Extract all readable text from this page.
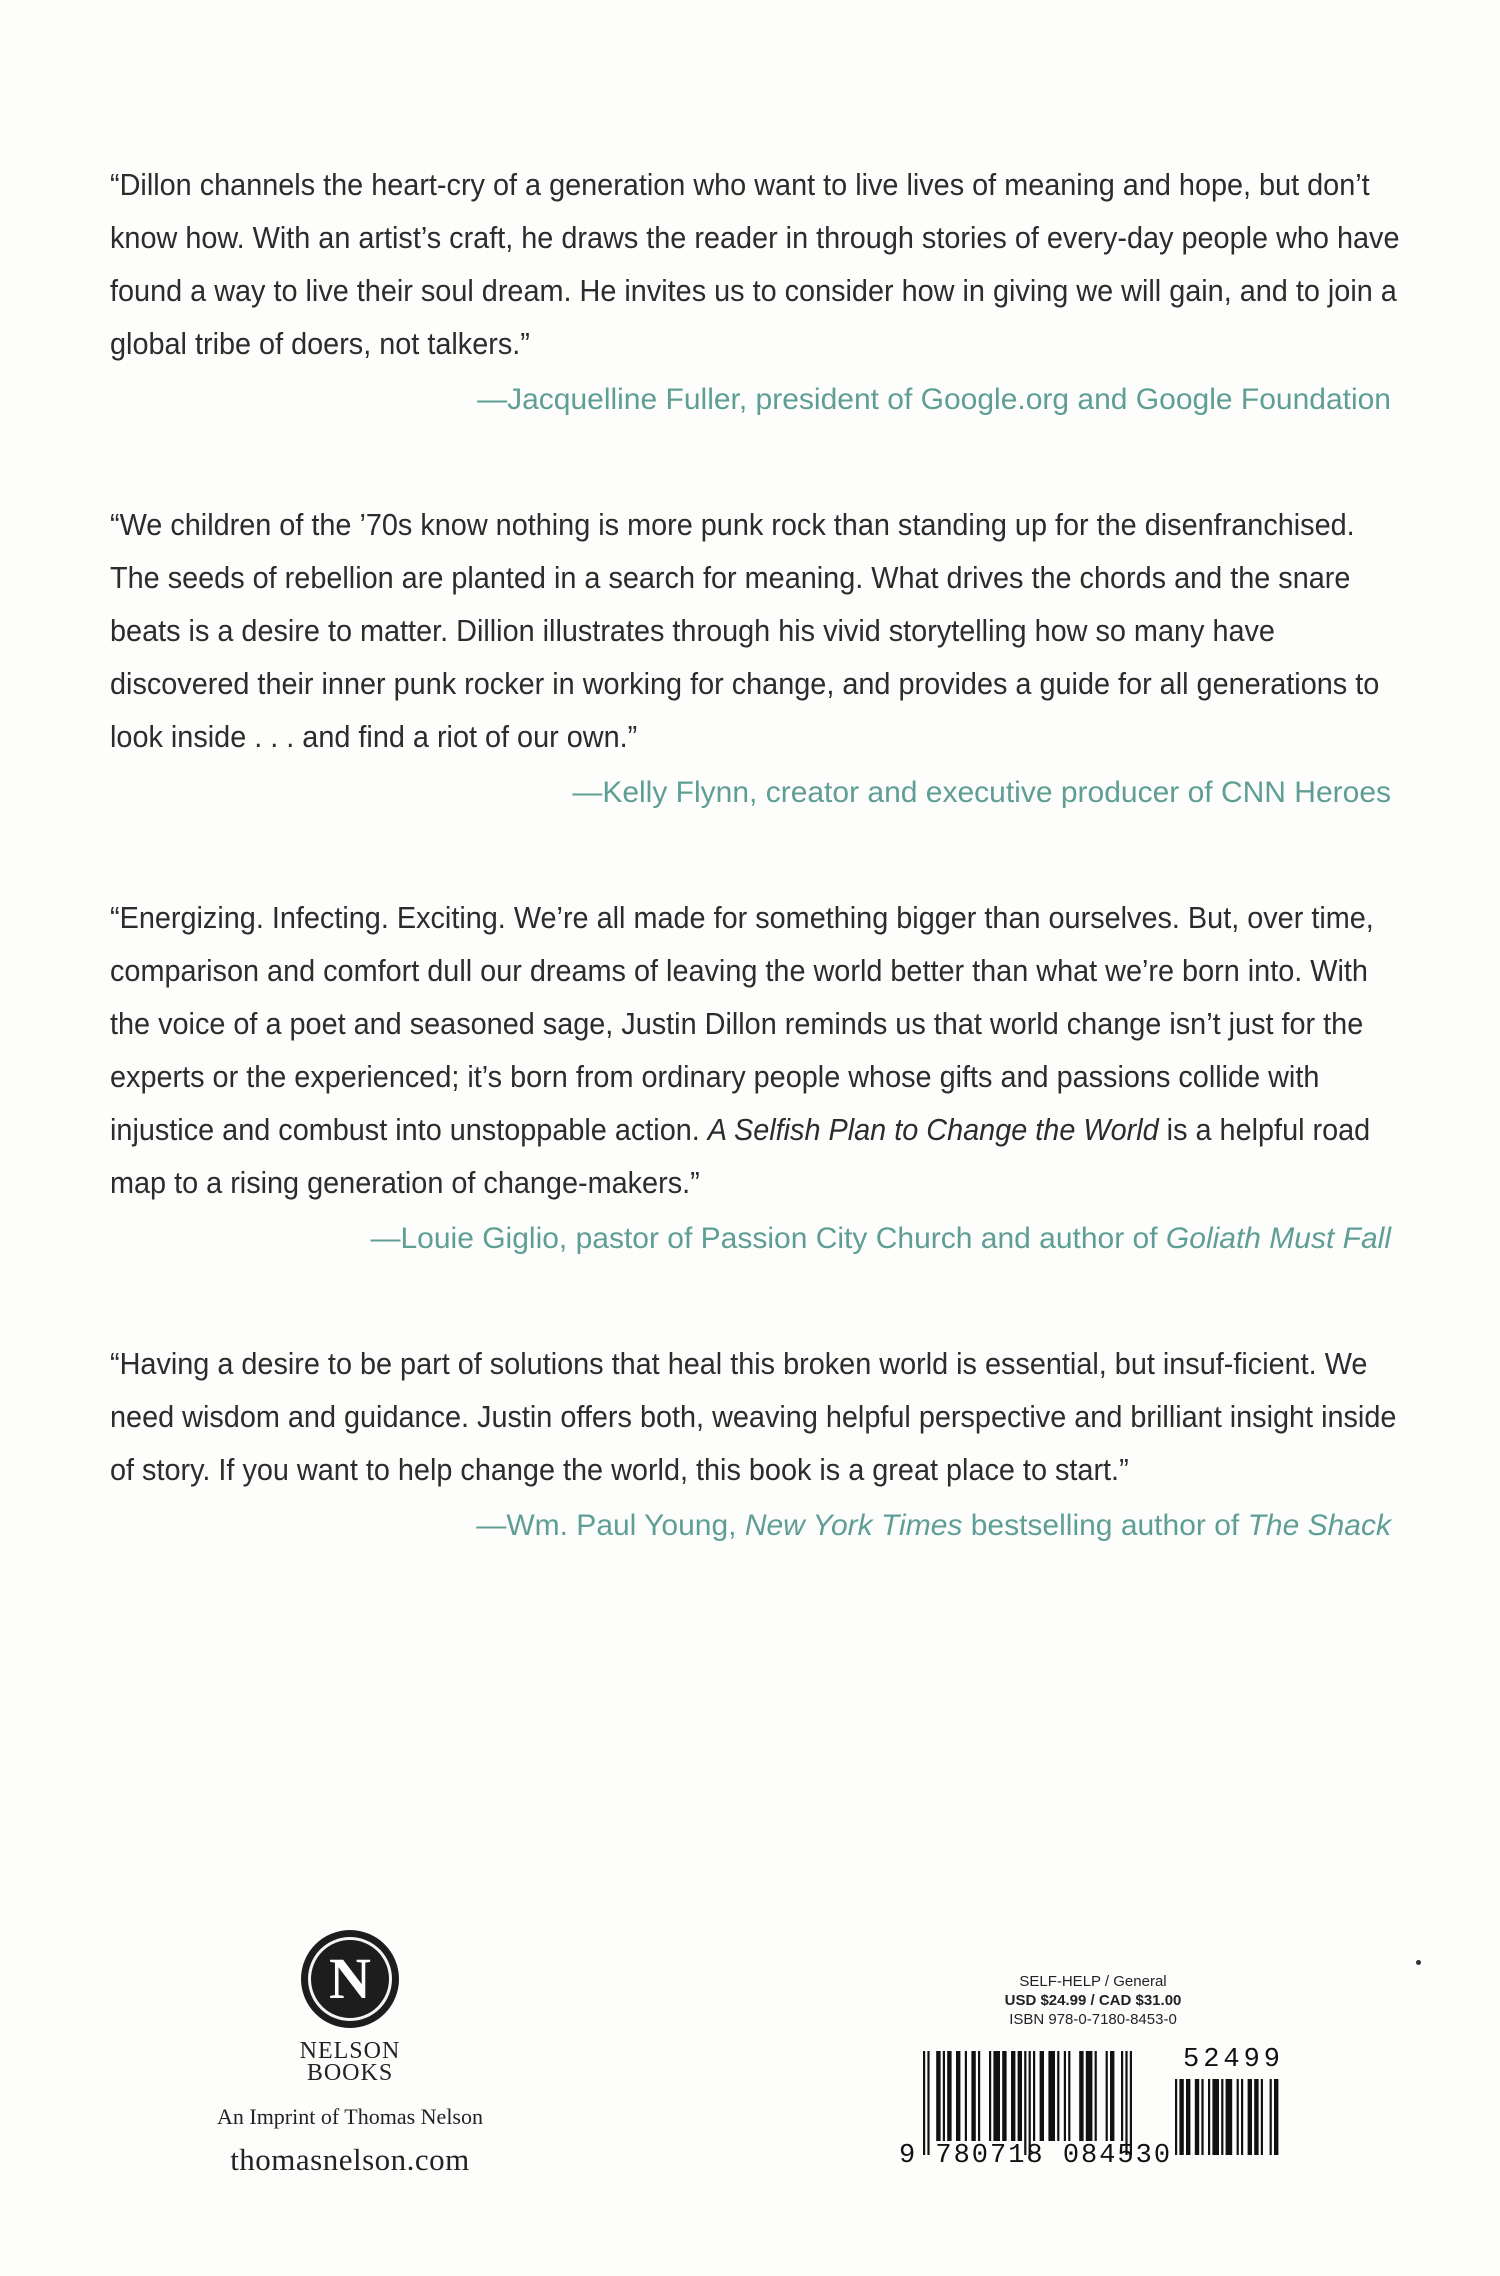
“Dillon channels the heart-cry of a generation who want to live lives of meaning and hope, but don’t know how. With an artist’s craft, he draws the reader in through stories of every-day people who have found a way to live their soul dream. He invites us to consider how in giving we will gain, and to join a global tribe of doers, not talkers.”

—Jacquelline Fuller, president of Google.org and Google Foundation

“We children of the ’70s know nothing is more punk rock than standing up for the disenfranchised. The seeds of rebellion are planted in a search for meaning. What drives the chords and the snare beats is a desire to matter. Dillion illustrates through his vivid storytelling how so many have discovered their inner punk rocker in working for change, and provides a guide for all generations to look inside . . . and find a riot of our own.”

—Kelly Flynn, creator and executive producer of CNN Heroes

“Energizing. Infecting. Exciting. We’re all made for something bigger than ourselves. But, over time, comparison and comfort dull our dreams of leaving the world better than what we’re born into. With the voice of a poet and seasoned sage, Justin Dillon reminds us that world change isn’t just for the experts or the experienced; it’s born from ordinary people whose gifts and passions collide with injustice and combust into unstoppable action. A Selfish Plan to Change the World is a helpful road map to a rising generation of change-makers.”

—Louie Giglio, pastor of Passion City Church and author of Goliath Must Fall

“Having a desire to be part of solutions that heal this broken world is essential, but insuf-ficient. We need wisdom and guidance. Justin offers both, weaving helpful perspective and brilliant insight inside of story. If you want to help change the world, this book is a great place to start.”

—Wm. Paul Young, New York Times bestselling author of The Shack
N
NELSON
BOOKS
An Imprint of Thomas Nelson
thomasnelson.com
SELF-HELP / General
USD $24.99 / CAD $31.00
ISBN 978-0-7180-8453-0
52499
9 780718 084530
